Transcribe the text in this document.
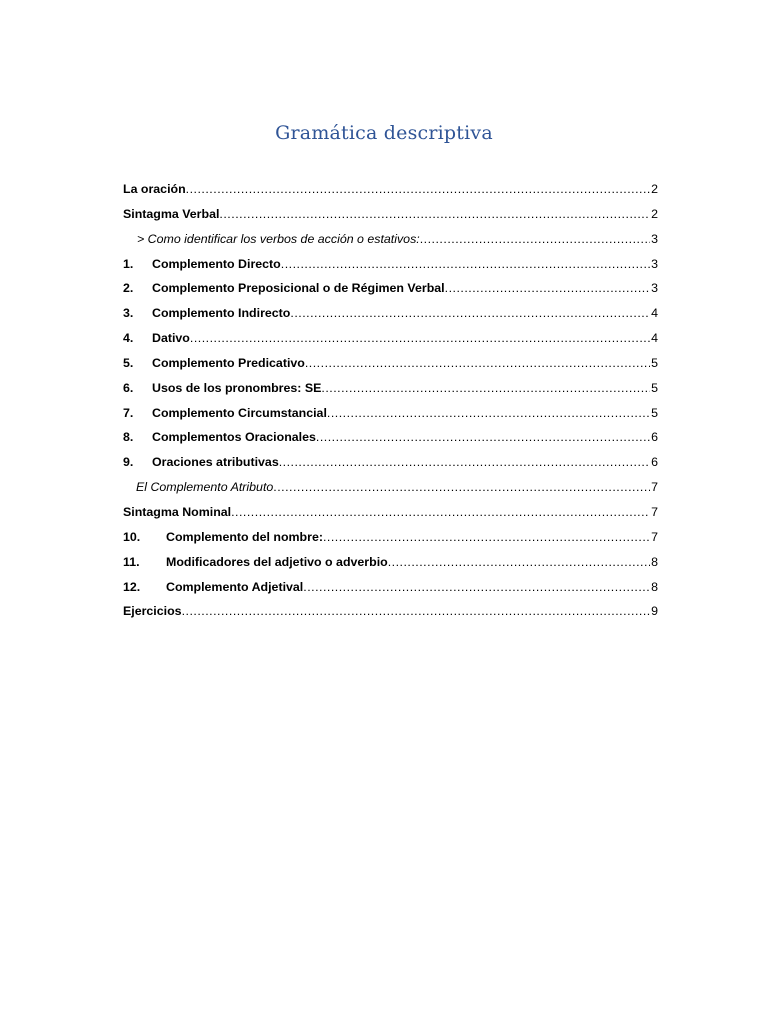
Gramática descriptiva
La oración .....	2
Sintagma Verbal .....	2
> Como identificar los verbos de acción o estativos: .....	3
1.	Complemento Directo .....	3
2.	Complemento Preposicional o de Régimen Verbal .....	3
3.	Complemento Indirecto .....	4
4.	Dativo .....	4
5.	Complemento Predicativo .....	5
6.	Usos de los pronombres: SE .....	5
7.	Complemento Circumstancial .....	5
8.	Complementos Oracionales .....	6
9.	Oraciones atributivas .....	6
El Complemento Atributo .....	7
Sintagma Nominal .....	7
10.	Complemento del nombre: .....	7
11.	Modificadores del adjetivo o adverbio .....	8
12.	Complemento Adjetival .....	8
Ejercicios .....	9
